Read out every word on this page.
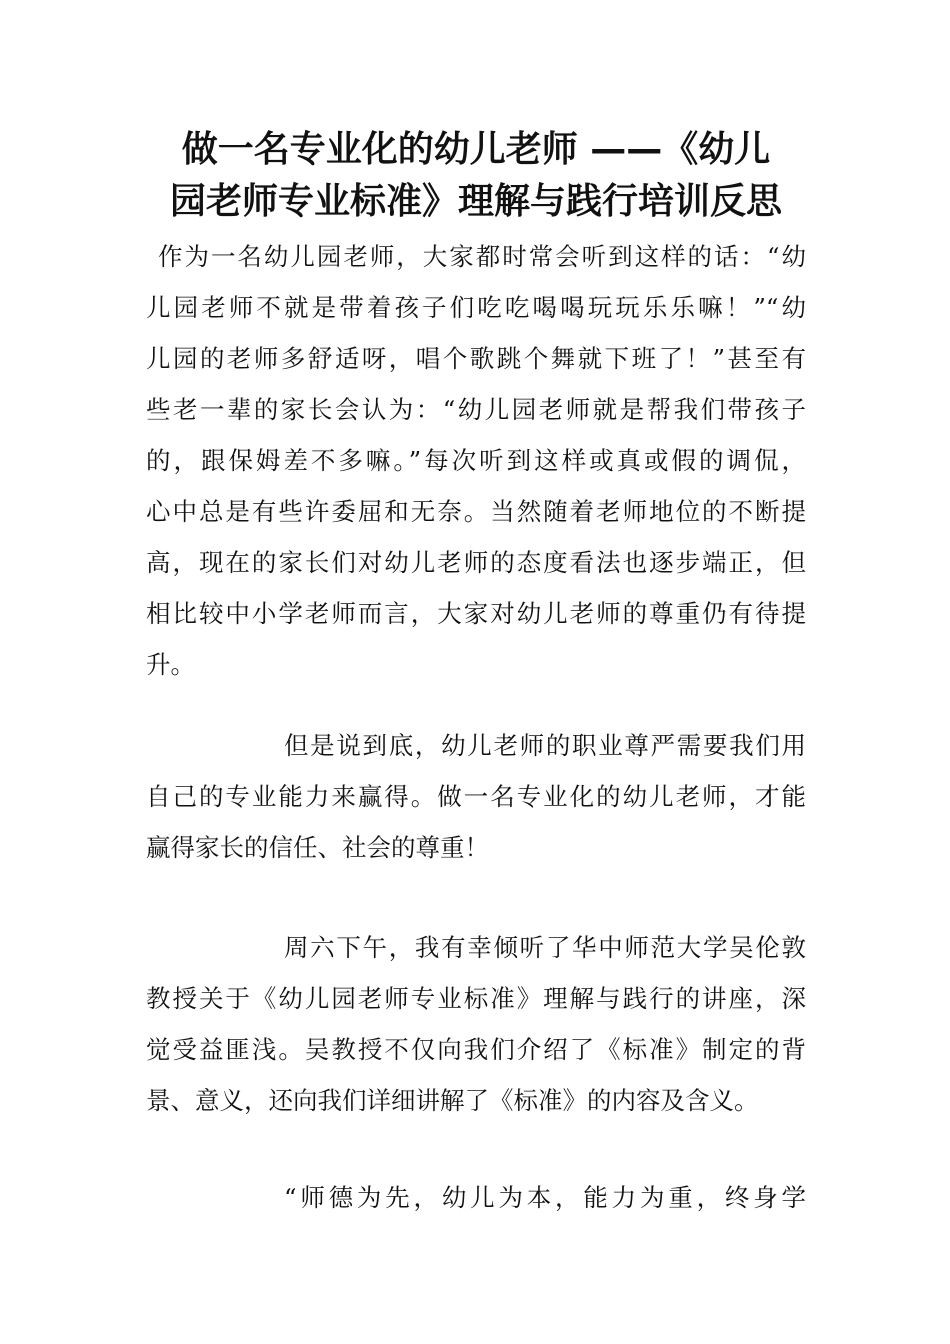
做一名专业化的幼儿老师 ——《幼儿
园老师专业标准》理解与践行培训反思
作为一名幼儿园老师，大家都时常会听到这样的话：“幼
儿园老师不就是带着孩子们吃吃喝喝玩玩乐乐嘛！”“幼
儿园的老师多舒适呀，唱个歌跳个舞就下班了！”甚至有
些老一辈的家长会认为：“幼儿园老师就是帮我们带孩子
的，跟保姆差不多嘛。”每次听到这样或真或假的调侃，
心中总是有些许委屈和无奈。当然随着老师地位的不断提
高，现在的家长们对幼儿老师的态度看法也逐步端正，但
相比较中小学老师而言，大家对幼儿老师的尊重仍有待提
升。
但是说到底，幼儿老师的职业尊严需要我们用
自己的专业能力来赢得。做一名专业化的幼儿老师，才能
赢得家长的信任、社会的尊重！
周六下午，我有幸倾听了华中师范大学吴伦敦
教授关于《幼儿园老师专业标准》理解与践行的讲座，深
觉受益匪浅。吴教授不仅向我们介绍了《标准》制定的背
景、意义，还向我们详细讲解了《标准》的内容及含义。
“师德为先，幼儿为本，能力为重，终身学
